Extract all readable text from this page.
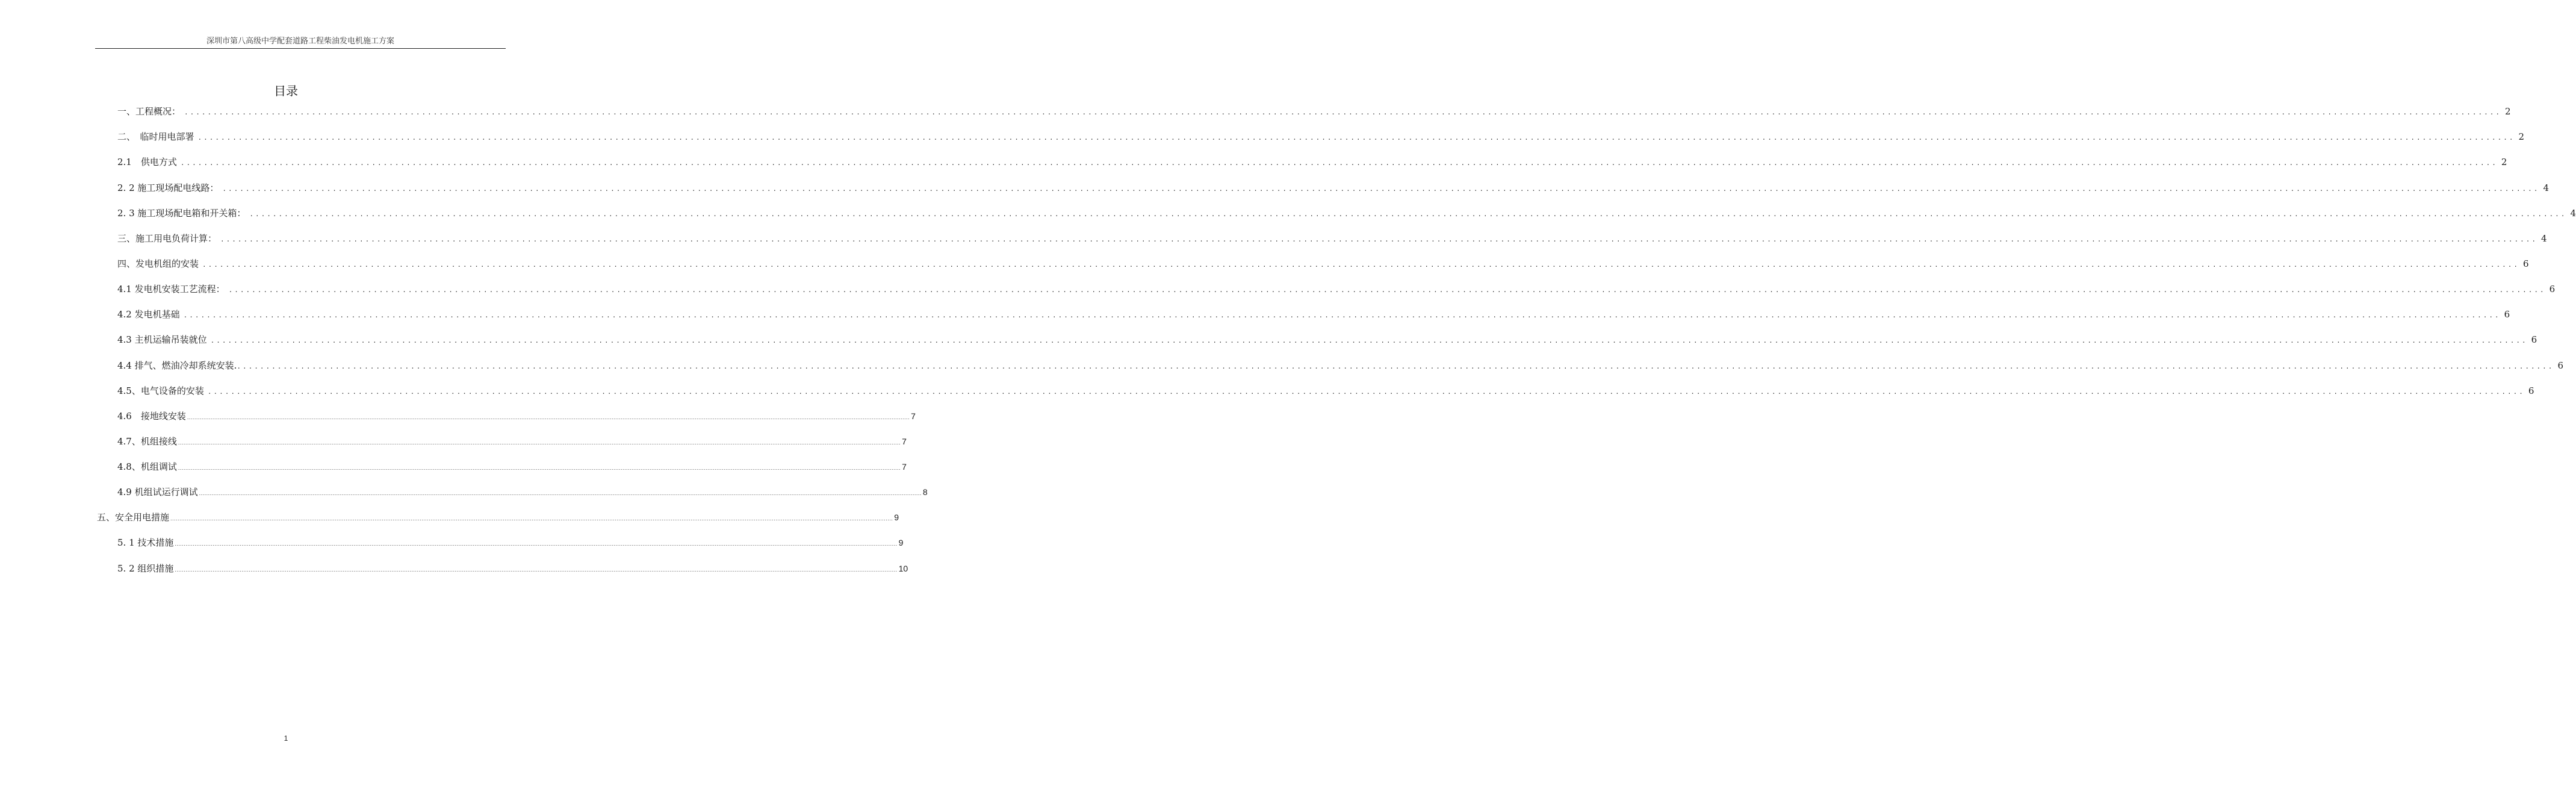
深圳市第八高级中学配套道路工程柴油发电机施工方案
目录
一、工程概况： ................................................................................................................................................................................................................................................................................................................................................................................................................ 2
二、　临时用电部署 ................................................................................................................................................................................................................................................................................................................................................................................................................ 2
2.1　供电方式 ................................................................................................................................................................................................................................................................................................................................................................................................................ 2
2. 2 施工现场配电线路： ................................................................................................................................................................................................................................................................................................................................................................................................................ 4
2. 3 施工现场配电箱和开关箱： ................................................................................................................................................................................................................................................................................................................................................................................................................ 4
三、施工用电负荷计算： ................................................................................................................................................................................................................................................................................................................................................................................................................ 4
四、发电机组的安装 ................................................................................................................................................................................................................................................................................................................................................................................................................ 6
4.1 发电机安装工艺流程： ................................................................................................................................................................................................................................................................................................................................................................................................................ 6
4.2 发电机基础 ................................................................................................................................................................................................................................................................................................................................................................................................................ 6
4.3 主机运输吊装就位 ................................................................................................................................................................................................................................................................................................................................................................................................................ 6
4.4 排气、燃油冷却系统安装. ................................................................................................................................................................................................................................................................................................................................................................................................................ 6
4.5、电气设备的安装 ................................................................................................................................................................................................................................................................................................................................................................................................................ 6
4.6　接地线安装 ................................................................................................................................................................................................................................................................................................................................................................................................................ 7
4.7、机组接线 ................................................................................................................................................................................................................................................................................................................................................................................................................ 7
4.8、机组调试 ................................................................................................................................................................................................................................................................................................................................................................................................................ 7
4.9 机组试运行调试 ................................................................................................................................................................................................................................................................................................................................................................................................................ 8
五、安全用电措施 ................................................................................................................................................................................................................................................................................................................................................................................................................ 9
5. 1 技术措施 ................................................................................................................................................................................................................................................................................................................................................................................................................ 9
5. 2 组织措施 ................................................................................................................................................................................................................................................................................................................................................................................................................ 10
1
